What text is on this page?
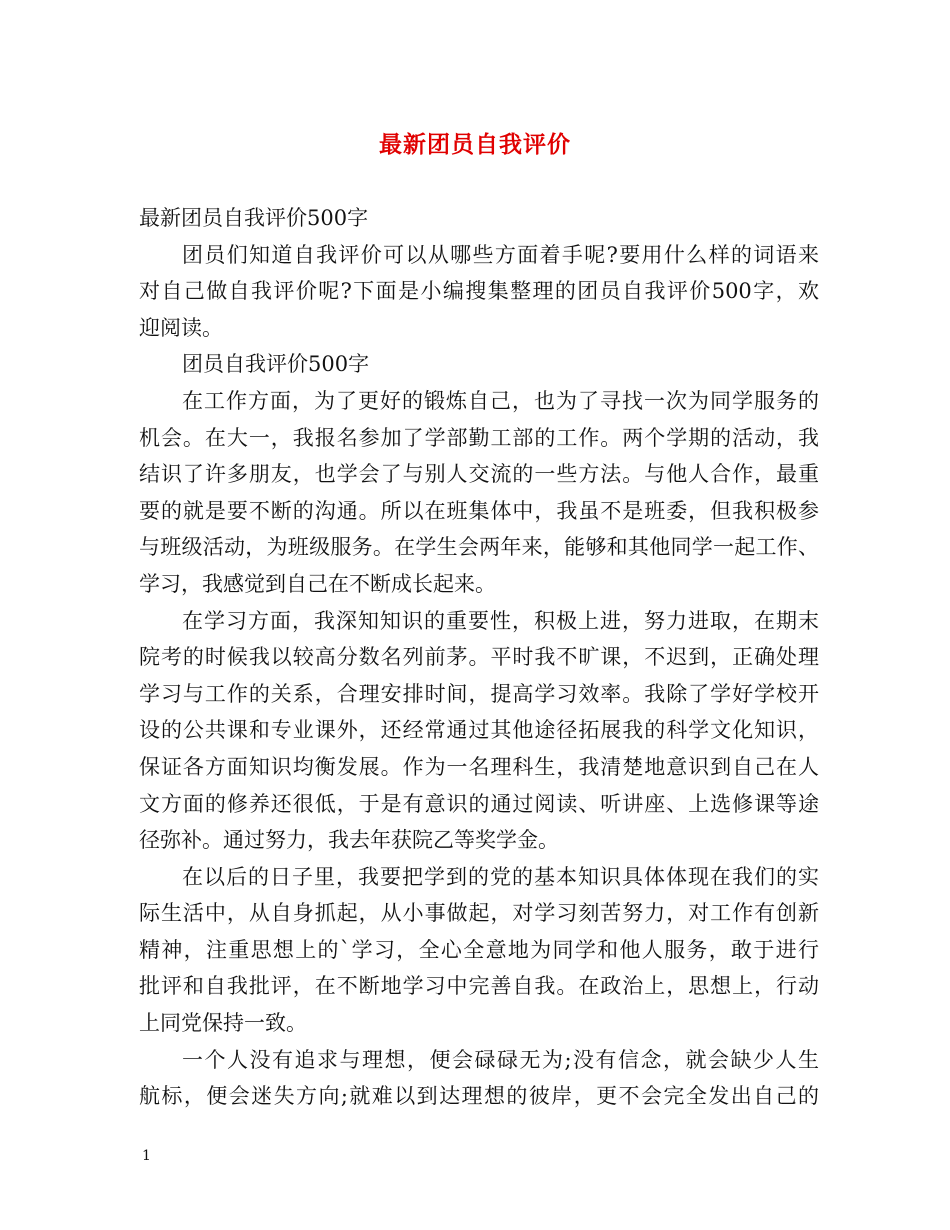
最新团员自我评价
最新团员自我评价500字
团员们知道自我评价可以从哪些方面着手呢?要用什么样的词语来
对自己做自我评价呢?下面是小编搜集整理的团员自我评价500字，欢
迎阅读。
团员自我评价500字
在工作方面，为了更好的锻炼自己，也为了寻找一次为同学服务的
机会。在大一，我报名参加了学部勤工部的工作。两个学期的活动，我
结识了许多朋友，也学会了与别人交流的一些方法。与他人合作，最重
要的就是要不断的沟通。所以在班集体中，我虽不是班委，但我积极参
与班级活动，为班级服务。在学生会两年来，能够和其他同学一起工作、
学习，我感觉到自己在不断成长起来。
在学习方面，我深知知识的重要性，积极上进，努力进取，在期末
院考的时候我以较高分数名列前茅。平时我不旷课，不迟到，正确处理
学习与工作的关系，合理安排时间，提高学习效率。我除了学好学校开
设的公共课和专业课外，还经常通过其他途径拓展我的科学文化知识，
保证各方面知识均衡发展。作为一名理科生，我清楚地意识到自己在人
文方面的修养还很低，于是有意识的通过阅读、听讲座、上选修课等途
径弥补。通过努力，我去年获院乙等奖学金。
在以后的日子里，我要把学到的党的基本知识具体体现在我们的实
际生活中，从自身抓起，从小事做起，对学习刻苦努力，对工作有创新
精神，注重思想上的`学习，全心全意地为同学和他人服务，敢于进行
批评和自我批评，在不断地学习中完善自我。在政治上，思想上，行动
上同党保持一致。
一个人没有追求与理想，便会碌碌无为;没有信念，就会缺少人生
航标，便会迷失方向;就难以到达理想的彼岸，更不会完全发出自己的
1
